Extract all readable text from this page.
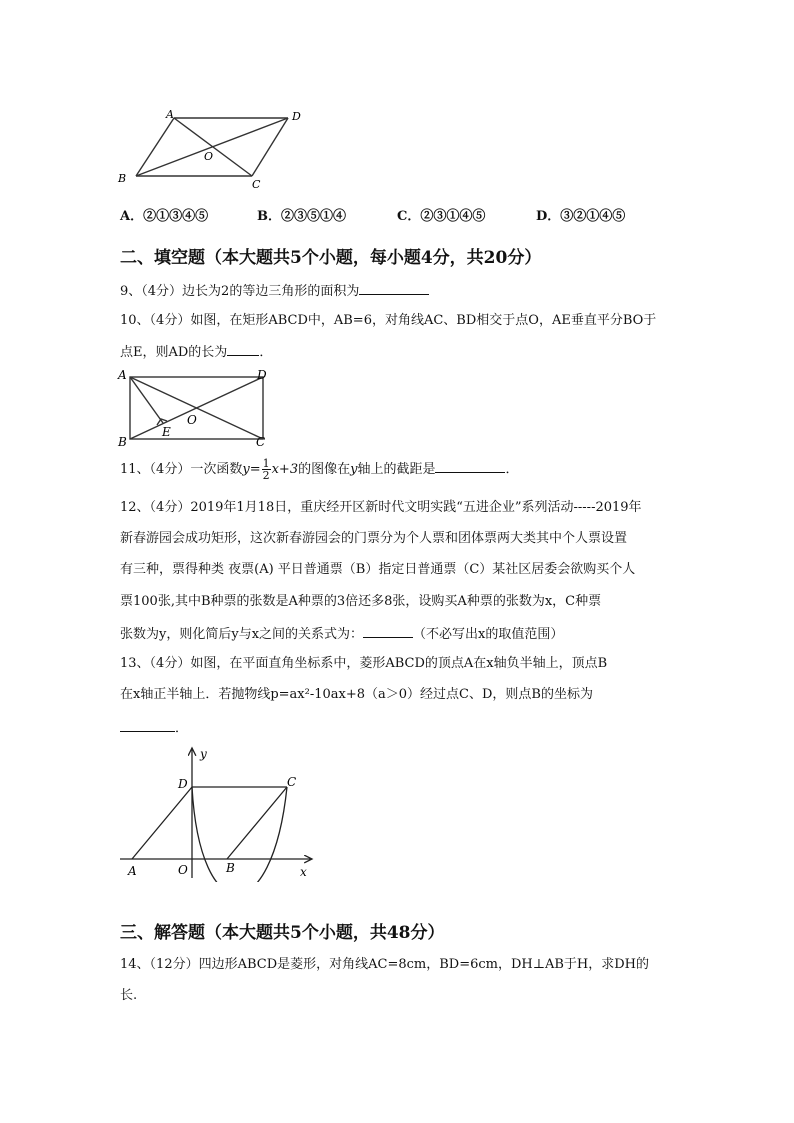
A	D
B	C
O
A．②①③④⑤	B．②③⑤①④	C．②③①④⑤	D．③②①④⑤
二、填空题（本大题共5个小题，每小题4分，共20分）
9、（4分）边长为2的等边三角形的面积为
10、（4分）如图，在矩形ABCD中，AB=6，对角线AC、BD相交于点O，AE垂直平分BO于
点E，则AD的长为 ．
A	D
B	C
O
E
11、（4分）一次函数$y= \frac{1}{2} x+3$的图像在y轴上的截距是	．
12、（4分）2019年1月18日，重庆经开区新时代文明实践“五进企业”系列活动-----2019年
新春游园会成功矩形，这次新春游园会的门票分为个人票和团体票两大类其中个人票设置
有三种，票得种类 夜票(A) 平日普通票（B）指定日普通票（C）某社区居委会欲购买个人
票100张,其中B种票的张数是A种票的3倍还多8张，设购买A种票的张数为x，C种票
张数为y，则化简后y与x之间的关系式为：	（不必写出x的取值范围）
13、（4分）如图，在平面直角坐标系中，菱形ABCD的顶点A在x轴负半轴上，顶点B
在x轴正半轴上．若抛物线p=ax²-10ax+8（a＞0）经过点C、D，则点B的坐标为
．
y
x
D	C
A	O	B
三、解答题（本大题共5个小题，共48分）
14、（12分）四边形ABCD是菱形，对角线AC=8cm，BD=6cm，DH⊥AB于H，求DH的
长.
